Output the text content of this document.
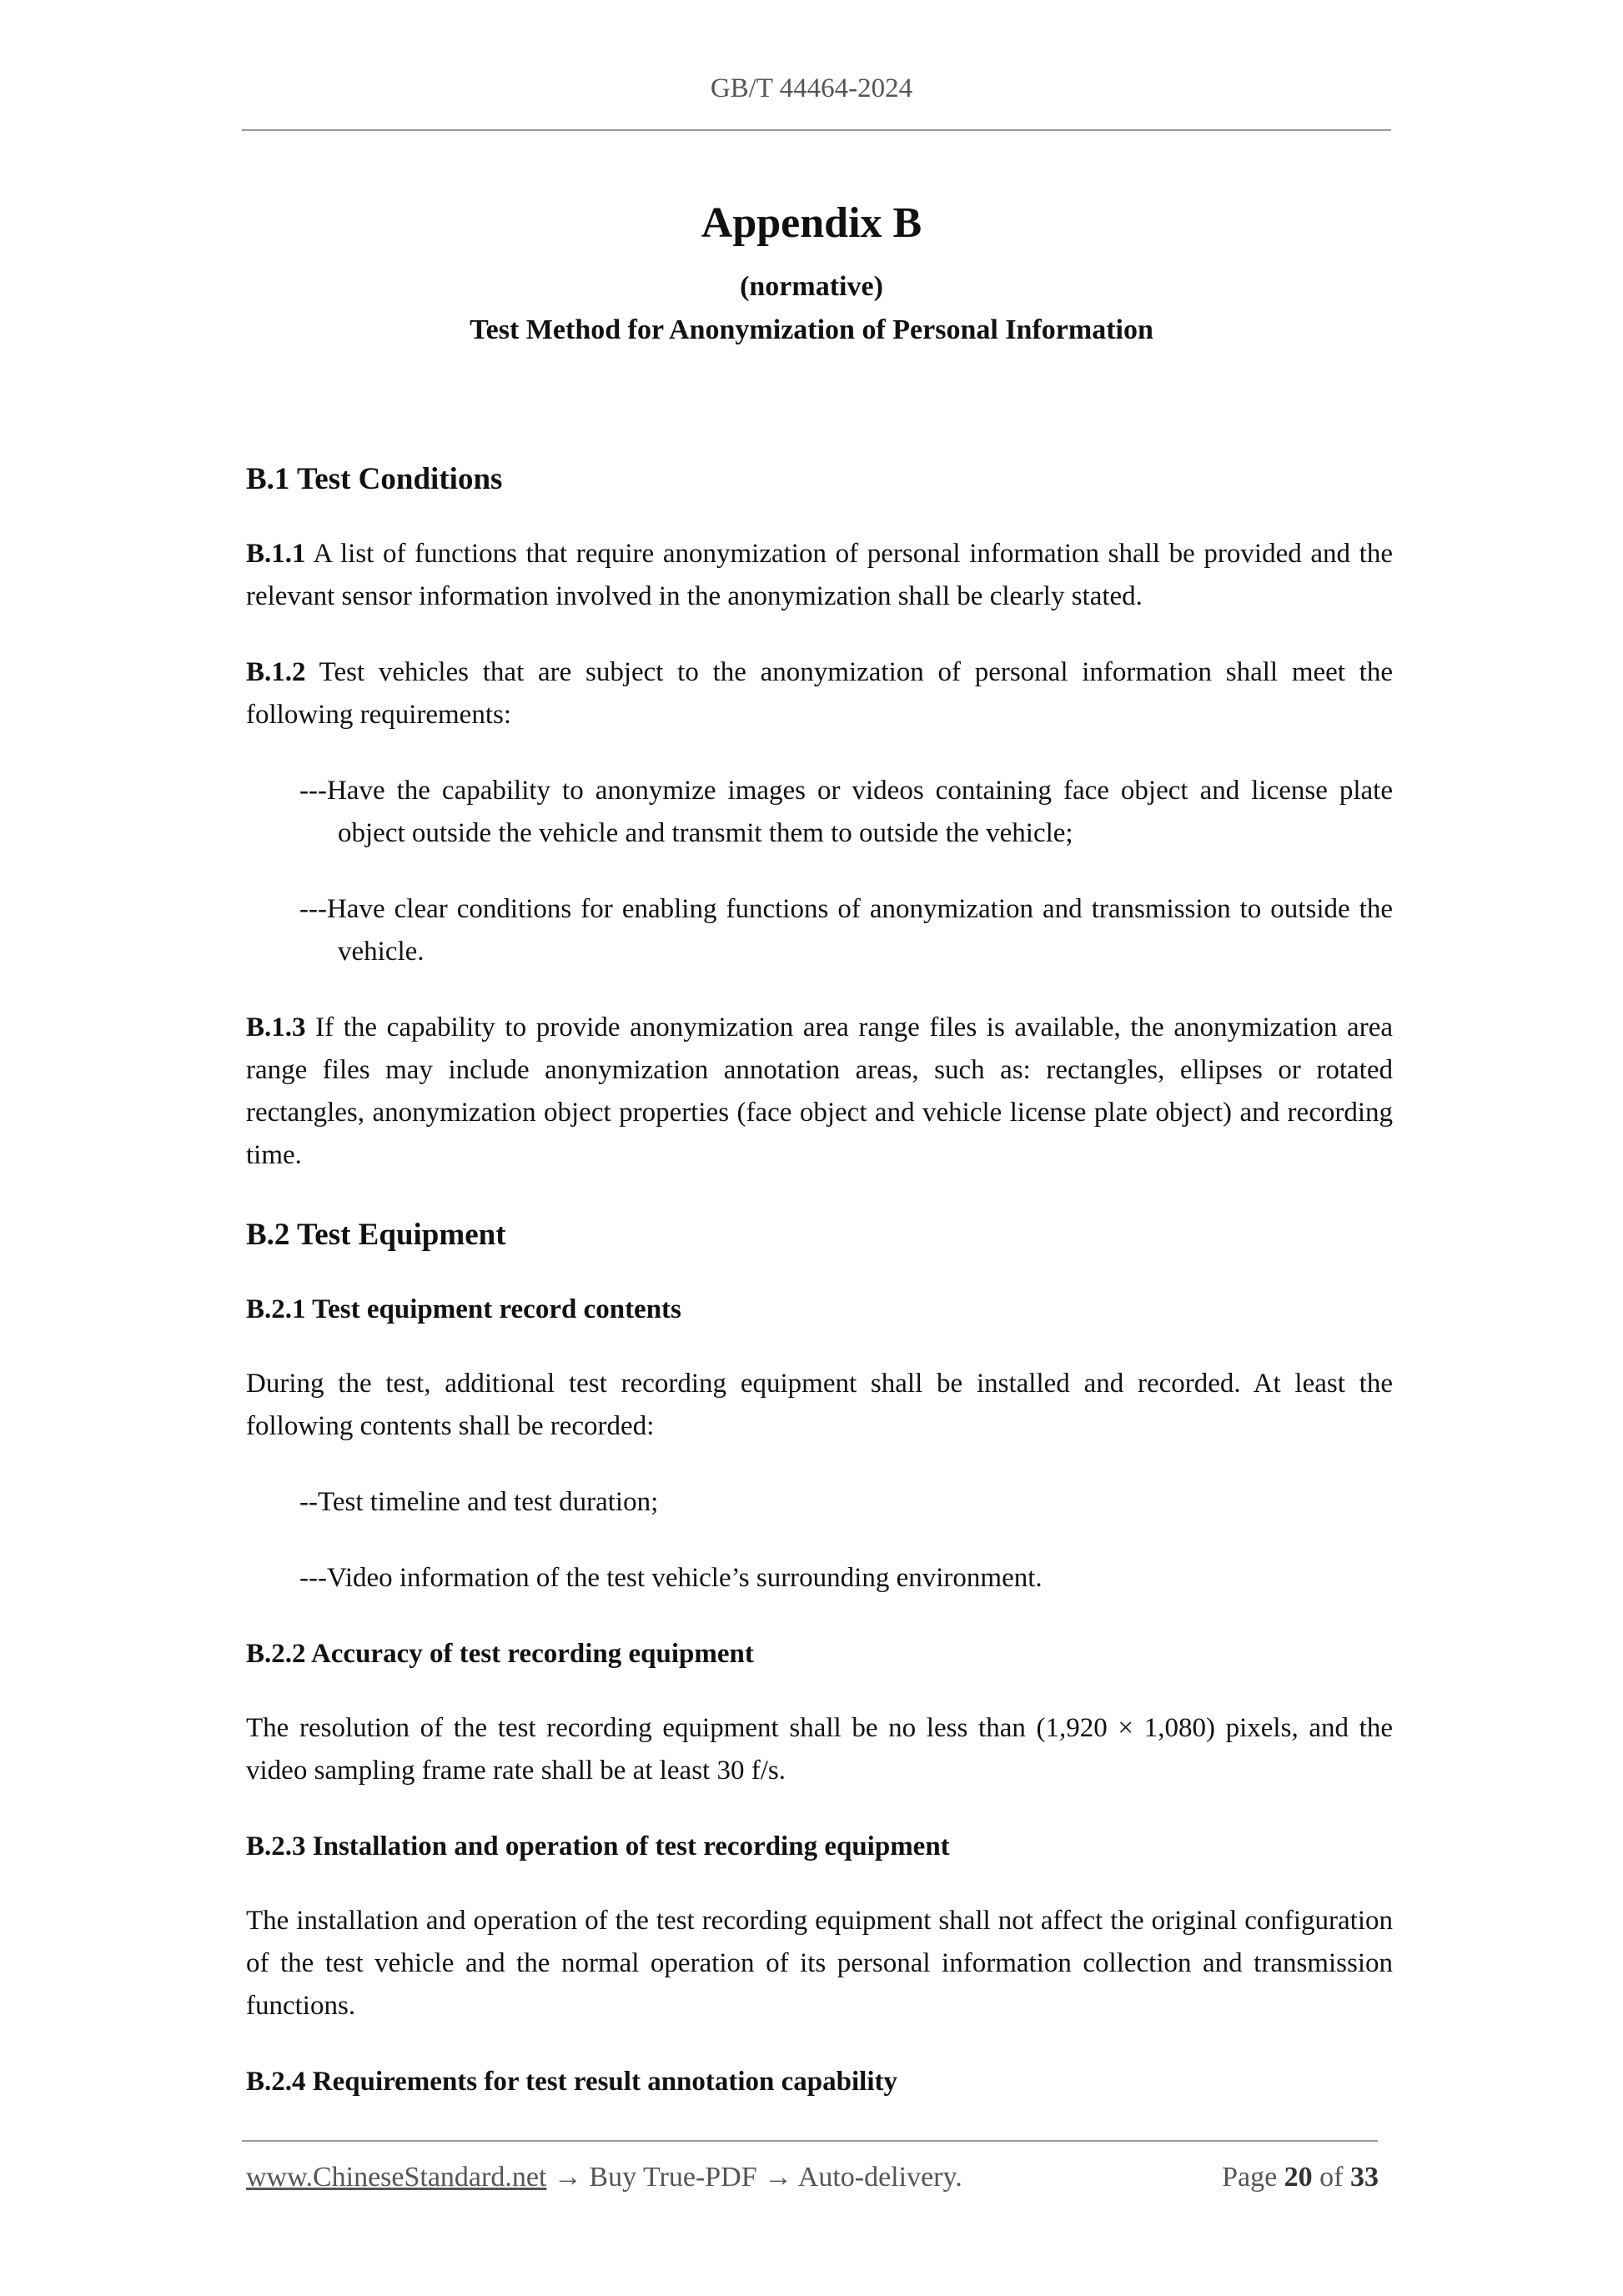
GB/T 44464-2024
Appendix B
(normative)
Test Method for Anonymization of Personal Information
B.1 Test Conditions

B.1.1 A list of functions that require anonymization of personal information shall be provided and the relevant sensor information involved in the anonymization shall be clearly stated.

B.1.2 Test vehicles that are subject to the anonymization of personal information shall meet the following requirements:

---Have the capability to anonymize images or videos containing face object and license plate object outside the vehicle and transmit them to outside the vehicle;

---Have clear conditions for enabling functions of anonymization and transmission to outside the vehicle.

B.1.3 If the capability to provide anonymization area range files is available, the anonymization area range files may include anonymization annotation areas, such as: rectangles, ellipses or rotated rectangles, anonymization object properties (face object and vehicle license plate object) and recording time.

B.2 Test Equipment
B.2.1 Test equipment record contents

During the test, additional test recording equipment shall be installed and recorded. At least the following contents shall be recorded:

--Test timeline and test duration;

---Video information of the test vehicle’s surrounding environment.

B.2.2 Accuracy of test recording equipment

The resolution of the test recording equipment shall be no less than (1,920 × 1,080) pixels, and the video sampling frame rate shall be at least 30 f/s.

B.2.3 Installation and operation of test recording equipment

The installation and operation of the test recording equipment shall not affect the original configuration of the test vehicle and the normal operation of its personal information collection and transmission functions.

B.2.4 Requirements for test result annotation capability
www.ChineseStandard.net → Buy True-PDF → Auto-delivery.	Page 20 of 33
